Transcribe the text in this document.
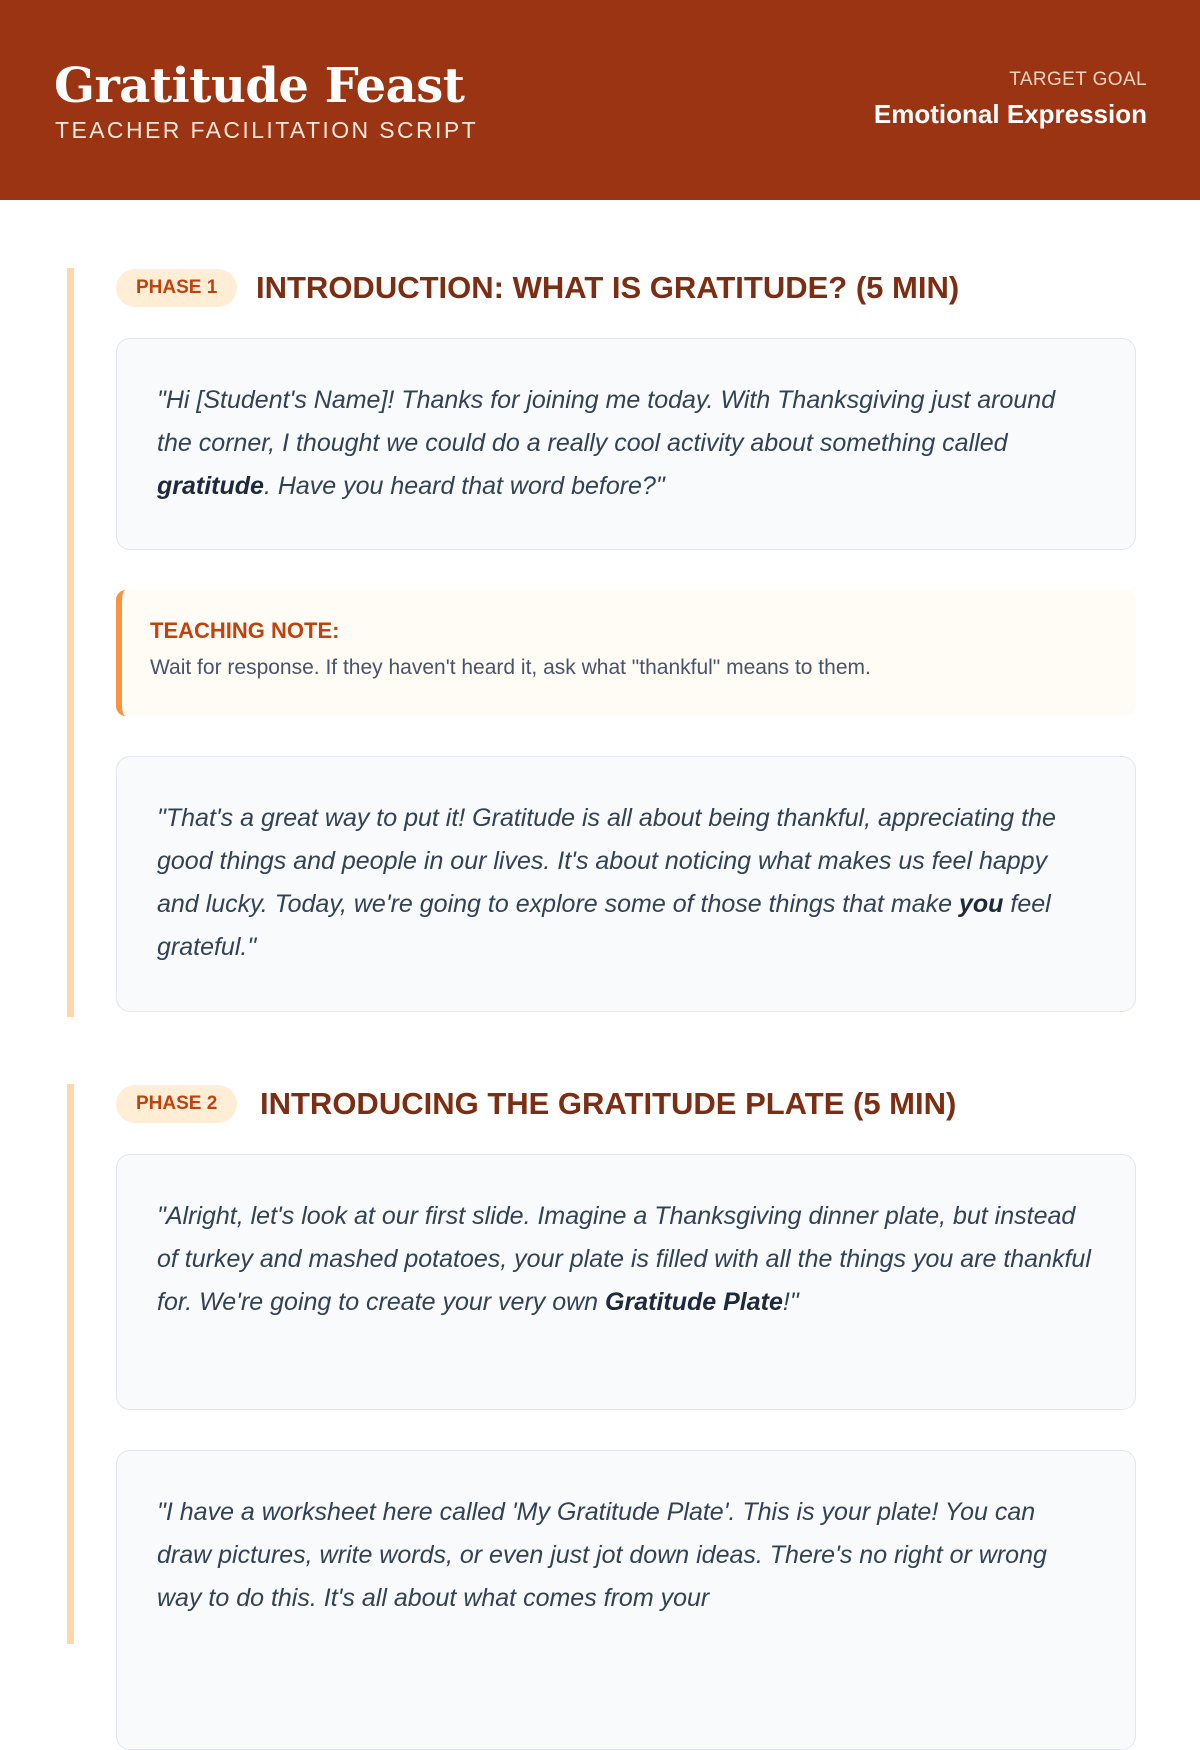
Gratitude Feast
TEACHER FACILITATION SCRIPT
TARGET GOAL
Emotional Expression
PHASE 1	INTRODUCTION: WHAT IS GRATITUDE? (5 MIN)

"Hi [Student's Name]! Thanks for joining me today. With Thanksgiving just around the corner, I thought we could do a really cool activity about something called gratitude. Have you heard that word before?"

TEACHING NOTE:
Wait for response. If they haven't heard it, ask what "thankful" means to them.

"That's a great way to put it! Gratitude is all about being thankful, appreciating the good things and people in our lives. It's about noticing what makes us feel happy and lucky. Today, we're going to explore some of those things that make you feel grateful."

PHASE 2	INTRODUCING THE GRATITUDE PLATE (5 MIN)

"Alright, let's look at our first slide. Imagine a Thanksgiving dinner plate, but instead of turkey and mashed potatoes, your plate is filled with all the things you are thankful for. We're going to create your very own Gratitude Plate!"

"I have a worksheet here called 'My Gratitude Plate'. This is your plate! You can draw pictures, write words, or even just jot down ideas. There's no right or wrong way to do this. It's all about what comes from your
